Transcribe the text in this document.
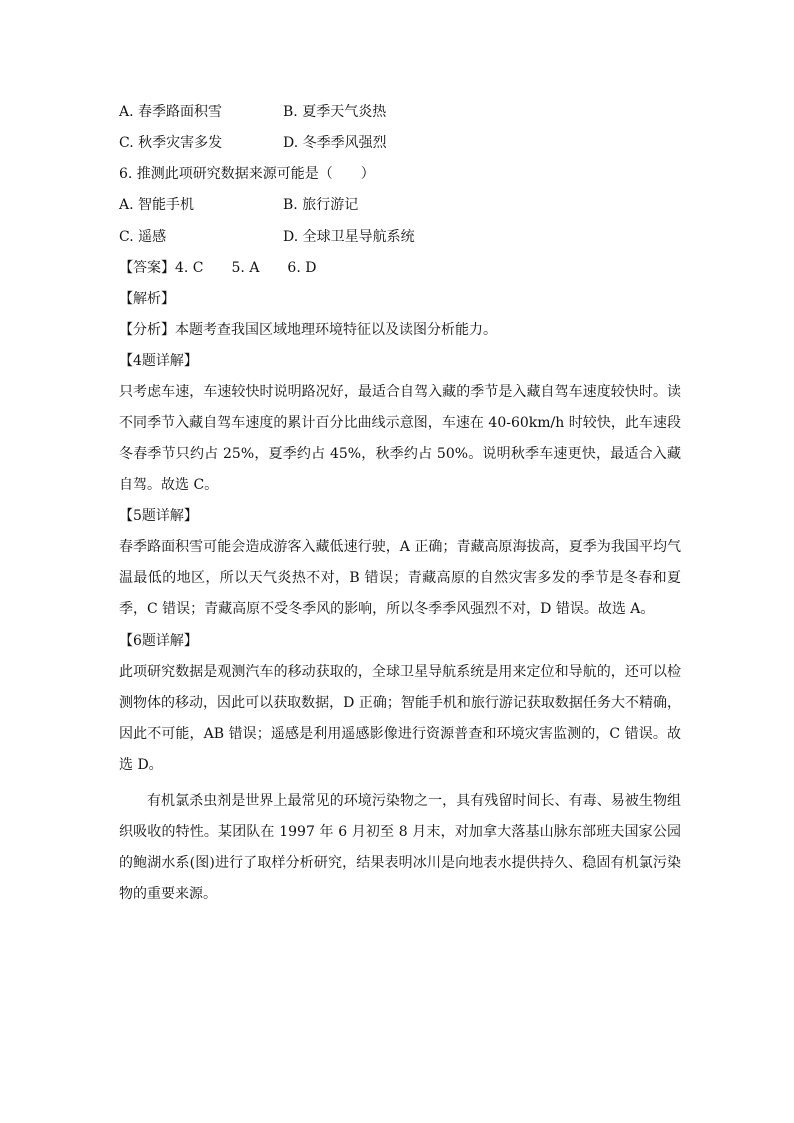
A. 春季路面积雪	B. 夏季天气炎热
C. 秋季灾害多发	D. 冬季季风强烈
6. 推测此项研究数据来源可能是（　　）
A. 智能手机	B. 旅行游记
C. 遥感	D. 全球卫星导航系统
【答案】4. C　　5. A　　6. D
【解析】
【分析】本题考查我国区域地理环境特征以及读图分析能力。
【4题详解】
只考虑车速，车速较快时说明路况好，最适合自驾入藏的季节是入藏自驾车速度较快时。读不同季节入藏自驾车速度的累计百分比曲线示意图，车速在 40-60km/h 时较快，此车速段冬春季节只约占 25%，夏季约占 45%，秋季约占 50%。说明秋季车速更快，最适合入藏自驾。故选 C。
【5题详解】
春季路面积雪可能会造成游客入藏低速行驶，A 正确；青藏高原海拔高，夏季为我国平均气温最低的地区，所以天气炎热不对，B 错误；青藏高原的自然灾害多发的季节是冬春和夏季，C 错误；青藏高原不受冬季风的影响，所以冬季季风强烈不对，D 错误。故选 A。
【6题详解】
此项研究数据是观测汽车的移动获取的，全球卫星导航系统是用来定位和导航的，还可以检测物体的移动，因此可以获取数据，D 正确；智能手机和旅行游记获取数据任务大不精确，因此不可能，AB 错误；遥感是利用遥感影像进行资源普查和环境灾害监测的，C 错误。故选 D。
有机氯杀虫剂是世界上最常见的环境污染物之一，具有残留时间长、有毒、易被生物组织吸收的特性。某团队在 1997 年 6 月初至 8 月末，对加拿大落基山脉东部班夫国家公园的鲍湖水系(图)进行了取样分析研究，结果表明冰川是向地表水提供持久、稳固有机氯污染物的重要来源。
